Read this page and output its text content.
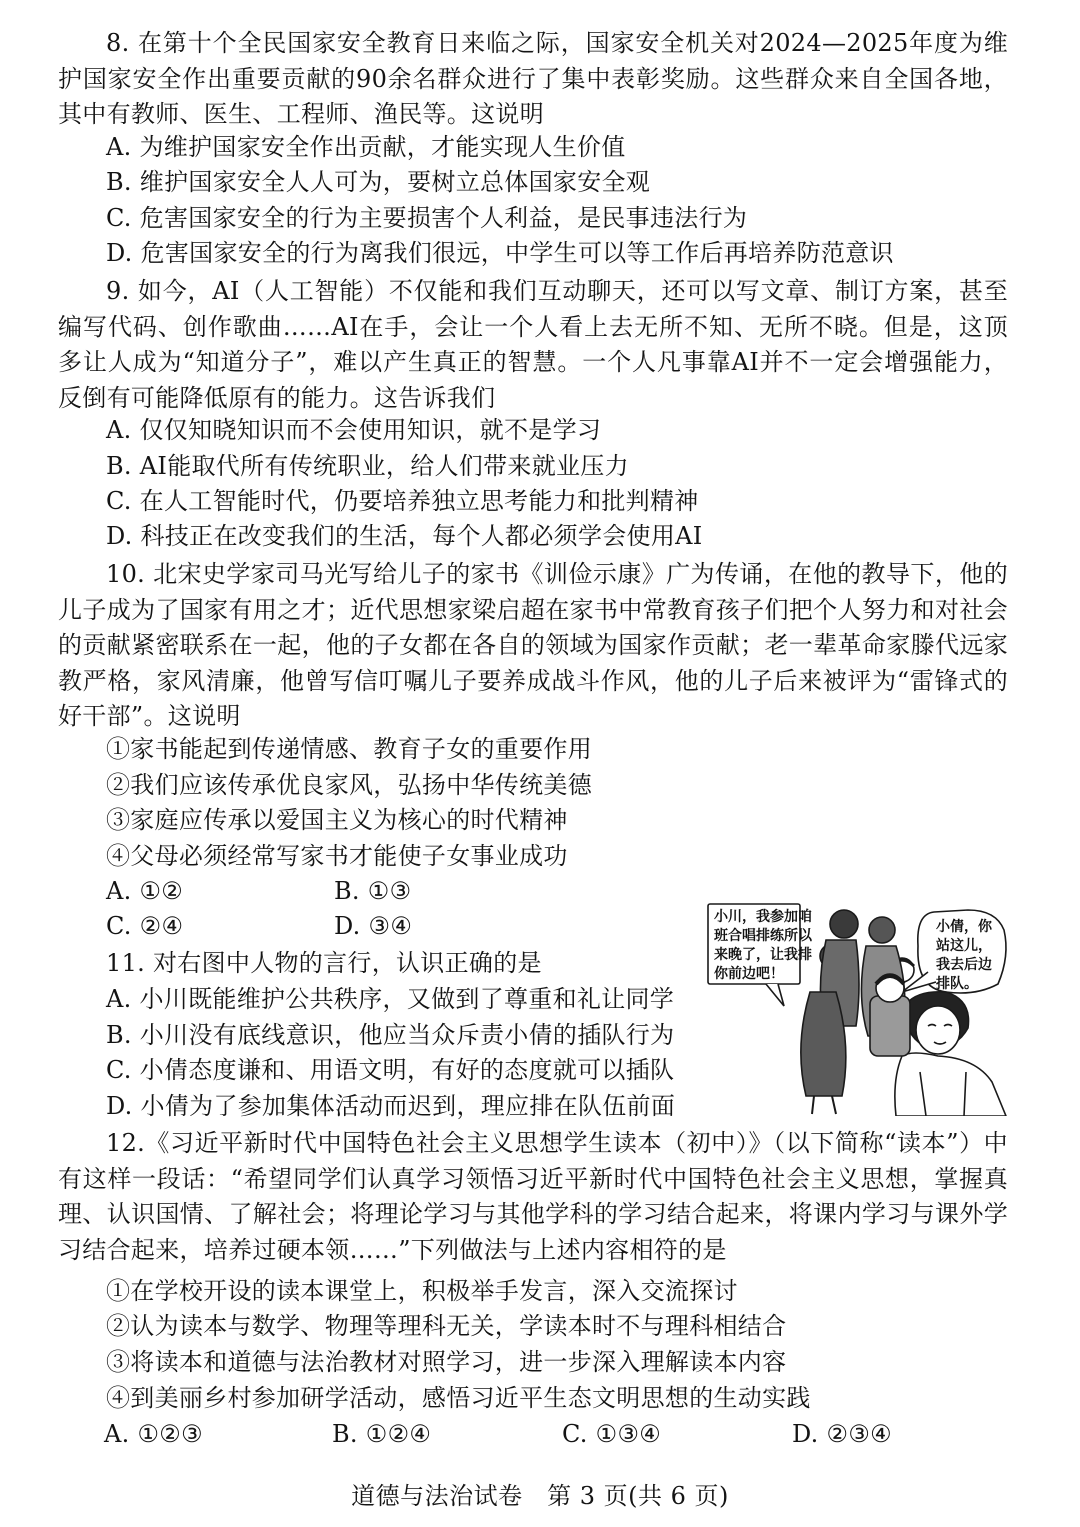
8. 在第十个全民国家安全教育日来临之际，国家安全机关对2024—2025年度为维护国家安全作出重要贡献的90余名群众进行了集中表彰奖励。这些群众来自全国各地，其中有教师、医生、工程师、渔民等。这说明

A. 为维护国家安全作出贡献，才能实现人生价值

B. 维护国家安全人人可为，要树立总体国家安全观

C. 危害国家安全的行为主要损害个人利益，是民事违法行为

D. 危害国家安全的行为离我们很远，中学生可以等工作后再培养防范意识

9. 如今，AI（人工智能）不仅能和我们互动聊天，还可以写文章、制订方案，甚至编写代码、创作歌曲……AI在手，会让一个人看上去无所不知、无所不晓。但是，这顶多让人成为“知道分子”，难以产生真正的智慧。一个人凡事靠AI并不一定会增强能力，反倒有可能降低原有的能力。这告诉我们

A. 仅仅知晓知识而不会使用知识，就不是学习

B. AI能取代所有传统职业，给人们带来就业压力

C. 在人工智能时代，仍要培养独立思考能力和批判精神

D. 科技正在改变我们的生活，每个人都必须学会使用AI

10. 北宋史学家司马光写给儿子的家书《训俭示康》广为传诵，在他的教导下，他的儿子成为了国家有用之才；近代思想家梁启超在家书中常教育孩子们把个人努力和对社会的贡献紧密联系在一起，他的子女都在各自的领域为国家作贡献；老一辈革命家滕代远家教严格，家风清廉，他曾写信叮嘱儿子要养成战斗作风，他的儿子后来被评为“雷锋式的好干部”。这说明

①家书能起到传递情感、教育子女的重要作用

②我们应该传承优良家风，弘扬中华传统美德

③家庭应传承以爱国主义为核心的时代精神

④父母必须经常写家书才能使子女事业成功

A. ①②	B. ①③

C. ②④	D. ③④

11. 对右图中人物的言行，认识正确的是

A. 小川既能维护公共秩序，又做到了尊重和礼让同学

B. 小川没有底线意识，他应当众斥责小倩的插队行为

C. 小倩态度谦和、用语文明，有好的态度就可以插队

D. 小倩为了参加集体活动而迟到，理应排在队伍前面

小川，我参加咱
班合唱排练所以
来晚了，让我排
你前边吧！
小倩，你
站这儿，
我去后边
排队。

12.《习近平新时代中国特色社会主义思想学生读本（初中）》（以下简称“读本”）中有这样一段话：“希望同学们认真学习领悟习近平新时代中国特色社会主义思想，掌握真理、认识国情、了解社会；将理论学习与其他学科的学习结合起来，将课内学习与课外学习结合起来，培养过硬本领……”下列做法与上述内容相符的是

①在学校开设的读本课堂上，积极举手发言，深入交流探讨

②认为读本与数学、物理等理科无关，学读本时不与理科相结合

③将读本和道德与法治教材对照学习，进一步深入理解读本内容

④到美丽乡村参加研学活动，感悟习近平生态文明思想的生动实践

A. ①②③	B. ①②④	C. ①③④	D. ②③④

道德与法治试卷　第 3 页(共 6 页)
